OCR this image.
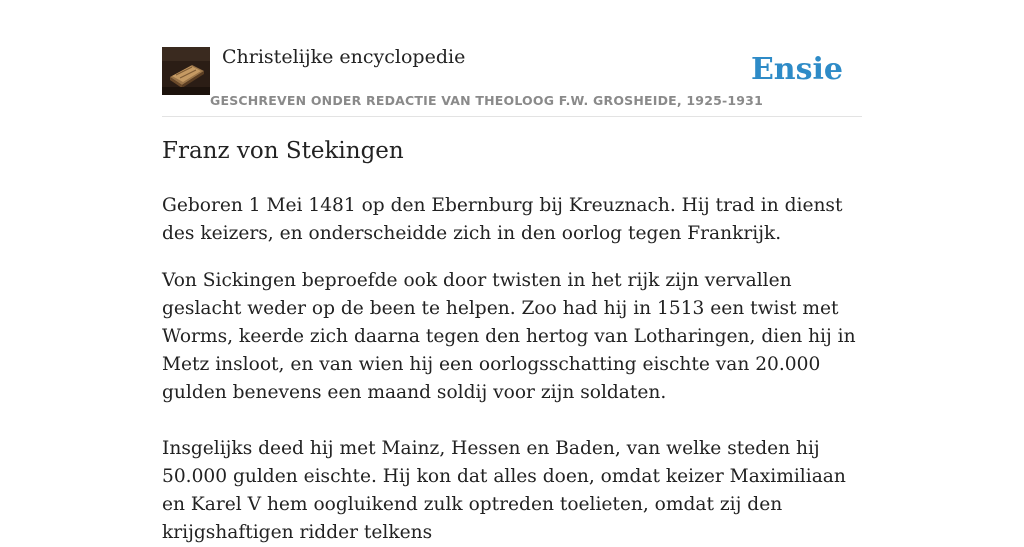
Christelijke encyclopedie
GESCHREVEN ONDER REDACTIE VAN THEOLOOG F.W. GROSHEIDE, 1925-1931
Ensie
Franz von Stekingen

Geboren 1 Mei 1481 op den Ebernburg bij Kreuznach. Hij trad in dienst des keizers, en onderscheidde zich in den oorlog tegen Frankrijk.

Von Sickingen beproefde ook door twisten in het rijk zijn vervallen geslacht weder op de been te helpen. Zoo had hij in 1513 een twist met Worms, keerde zich daarna tegen den hertog van Lotharingen, dien hij in Metz insloot, en van wien hij een oorlogsschatting eischte van 20.000 gulden benevens een maand soldij voor zijn soldaten.

Insgelijks deed hij met Mainz, Hessen en Baden, van welke steden hij 50.000 gulden eischte. Hij kon dat alles doen, omdat keizer Maximiliaan en Karel V hem oogluikend zulk optreden toelieten, omdat zij den krijgshaftigen ridder telkens
